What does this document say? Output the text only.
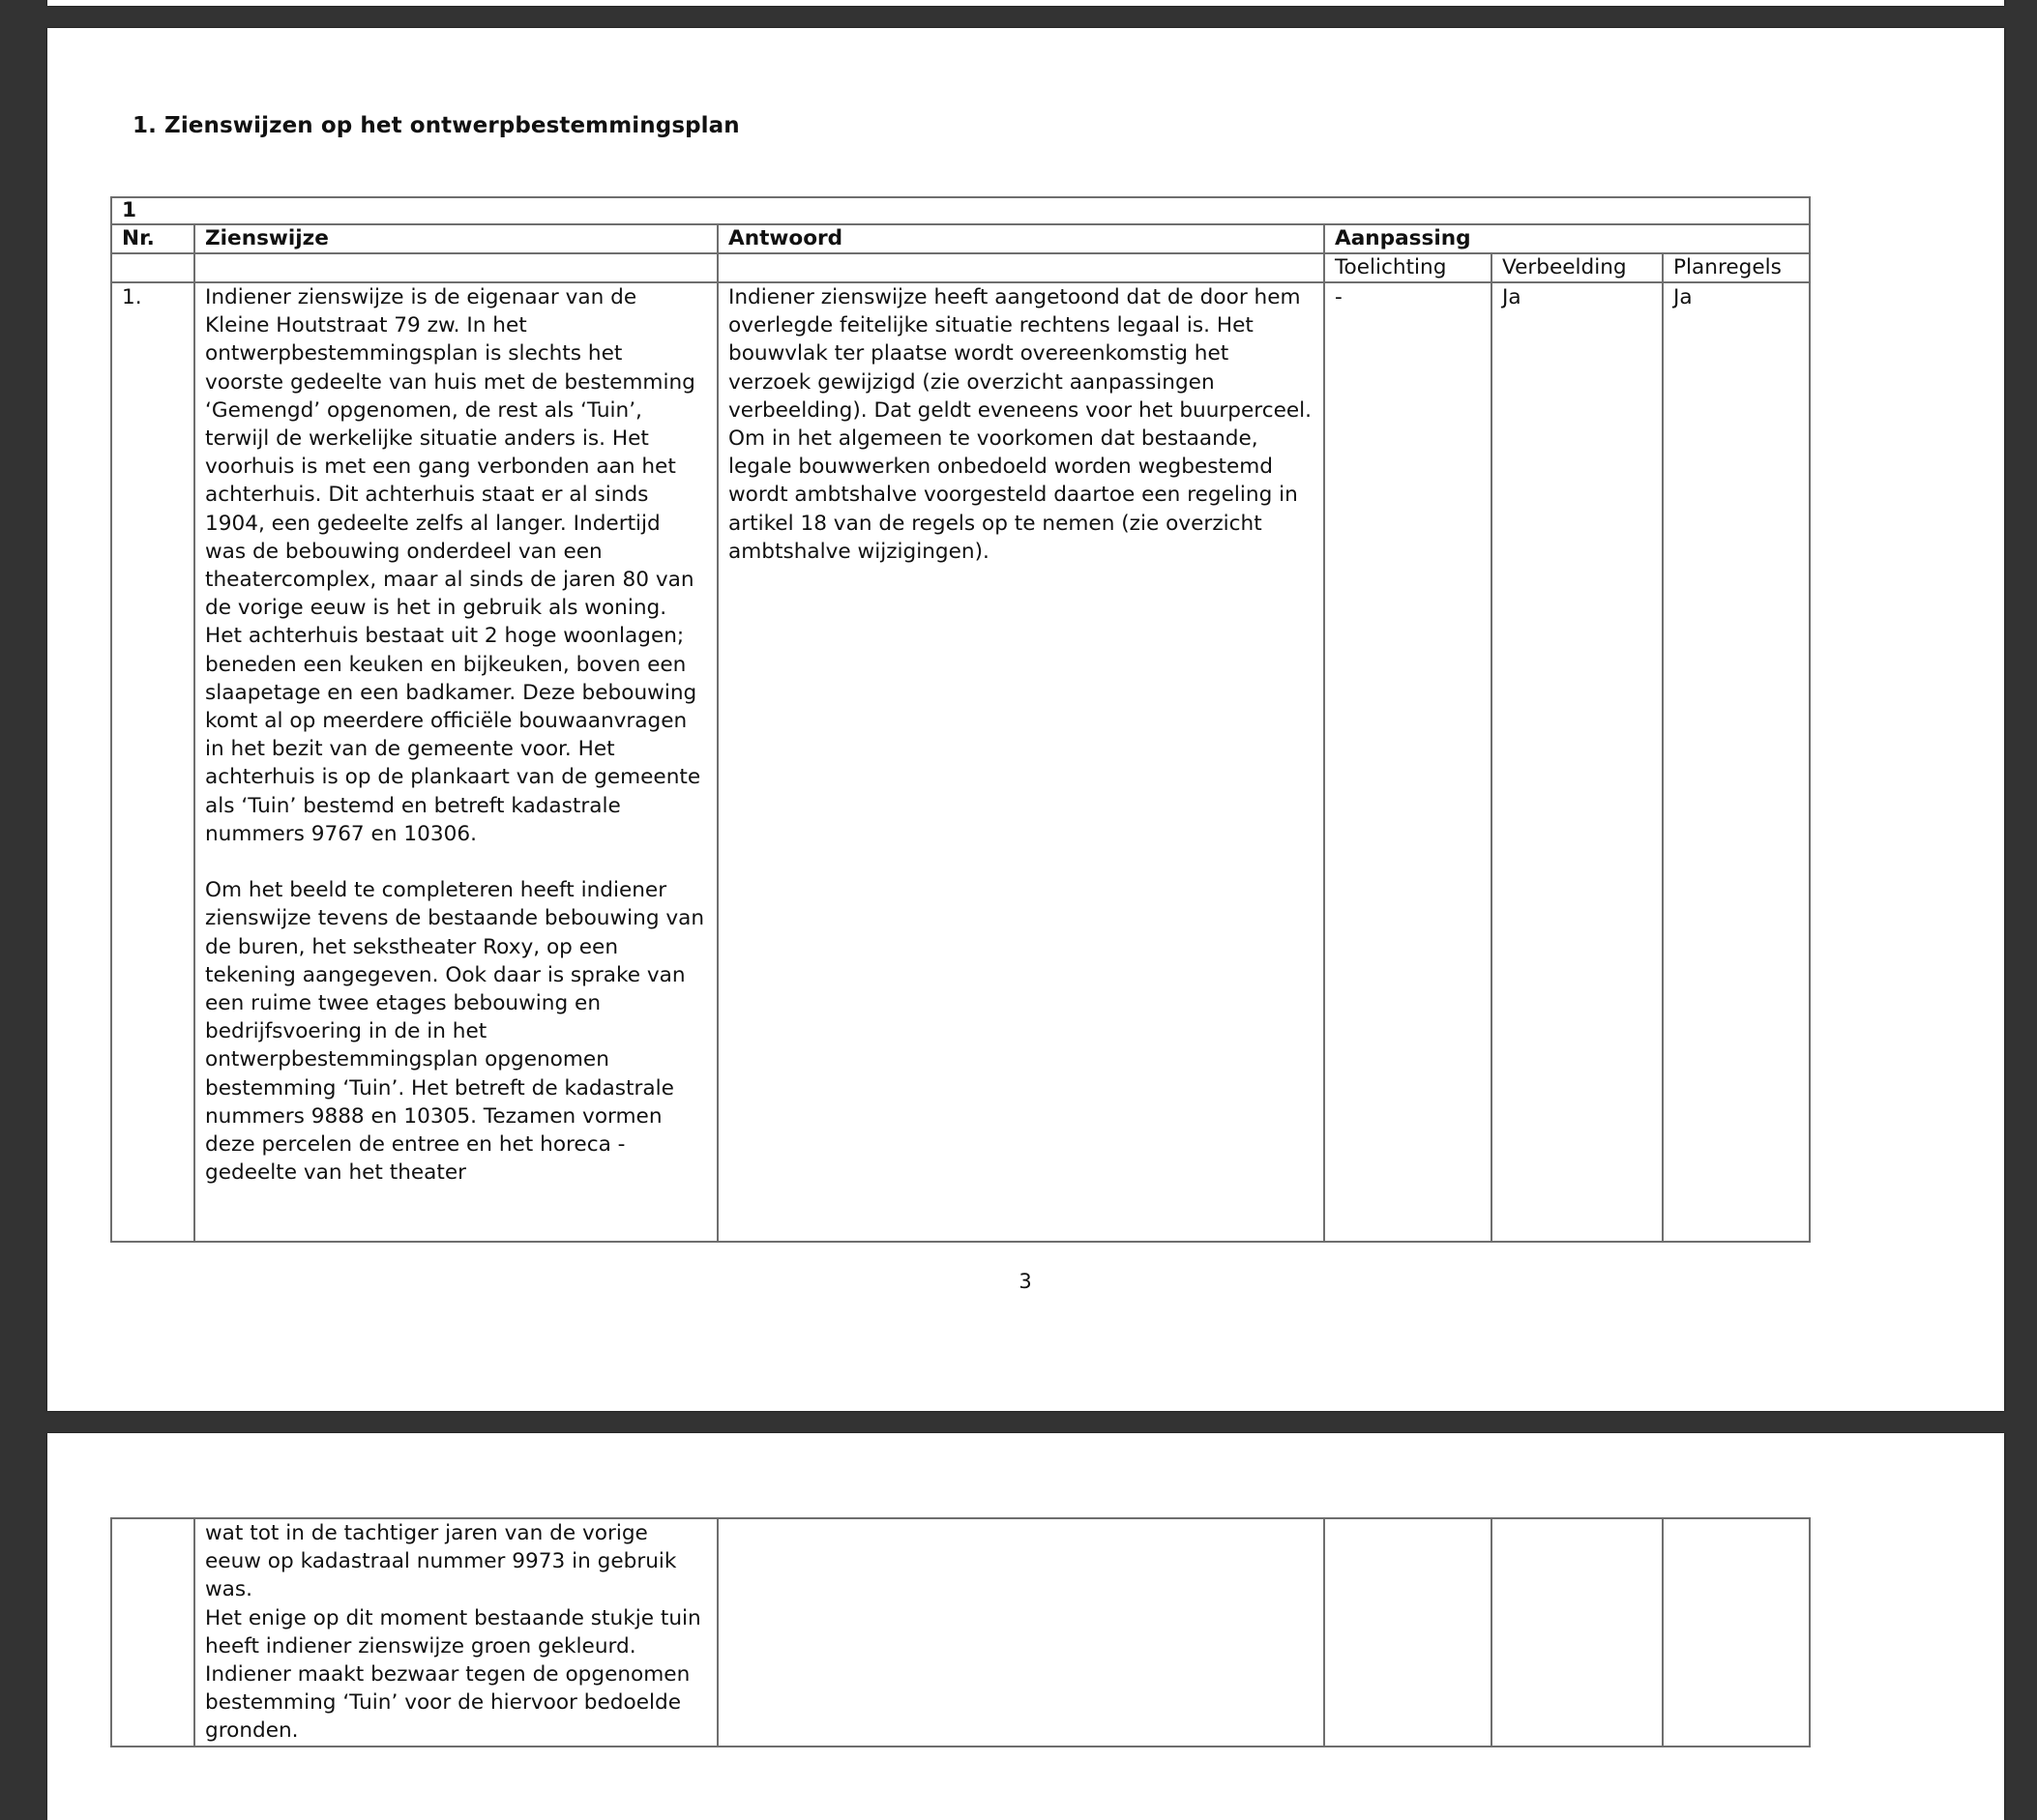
1. Zienswijzen op het ontwerpbestemmingsplan
1					
Nr.	Zienswijze	Antwoord	Aanpassing		
			Toelichting	Verbeelding	Planregels
1.	Indiener zienswijze is de eigenaar van de Kleine Houtstraat 79 zw. In het ontwerpbestemmingsplan is slechts het voorste gedeelte van huis met de bestemming ‘Gemengd’ opgenomen, de rest als ‘Tuin’, terwijl de werkelijke situatie anders is. Het voorhuis is met een gang verbonden aan het achterhuis. Dit achterhuis staat er al sinds 1904, een gedeelte zelfs al langer. Indertijd was de bebouwing onderdeel van een theatercomplex, maar al sinds de jaren 80 van de vorige eeuw is het in gebruik als woning. Het achterhuis bestaat uit 2 hoge woonlagen; beneden een keuken en bijkeuken, boven een slaapetage en een badkamer. Deze bebouwing komt al op meerdere officiële bouwaanvragen in het bezit van de gemeente voor. Het achterhuis is op de plankaart van de gemeente als ‘Tuin’ bestemd en betreft kadastrale nummers 9767 en 10306.
Om het beeld te completeren heeft indiener zienswijze tevens de bestaande bebouwing van de buren, het sekstheater Roxy, op een tekening aangegeven. Ook daar is sprake van een ruime twee etages bebouwing en bedrijfsvoering in de in het ontwerpbestemmingsplan opgenomen bestemming ‘Tuin’. Het betreft de kadastrale nummers 9888 en 10305. Tezamen vormen deze percelen de entree en het horeca -gedeelte van het theater	Indiener zienswijze heeft aangetoond dat de door hem overlegde feitelijke situatie rechtens legaal is. Het bouwvlak ter plaatse wordt overeenkomstig het verzoek gewijzigd (zie overzicht aanpassingen verbeelding). Dat geldt eveneens voor het buurperceel. Om in het algemeen te voorkomen dat bestaande, legale bouwwerken onbedoeld worden wegbestemd wordt ambtshalve voorgesteld daartoe een regeling in artikel 18 van de regels op te nemen (zie overzicht ambtshalve wijzigingen).	-	Ja	Ja
3
	wat tot in de tachtiger jaren van de vorige eeuw op kadastraal nummer 9973 in gebruik was.
Het enige op dit moment bestaande stukje tuin heeft indiener zienswijze groen gekleurd. Indiener maakt bezwaar tegen de opgenomen bestemming ‘Tuin’ voor de hiervoor bedoelde gronden.				
